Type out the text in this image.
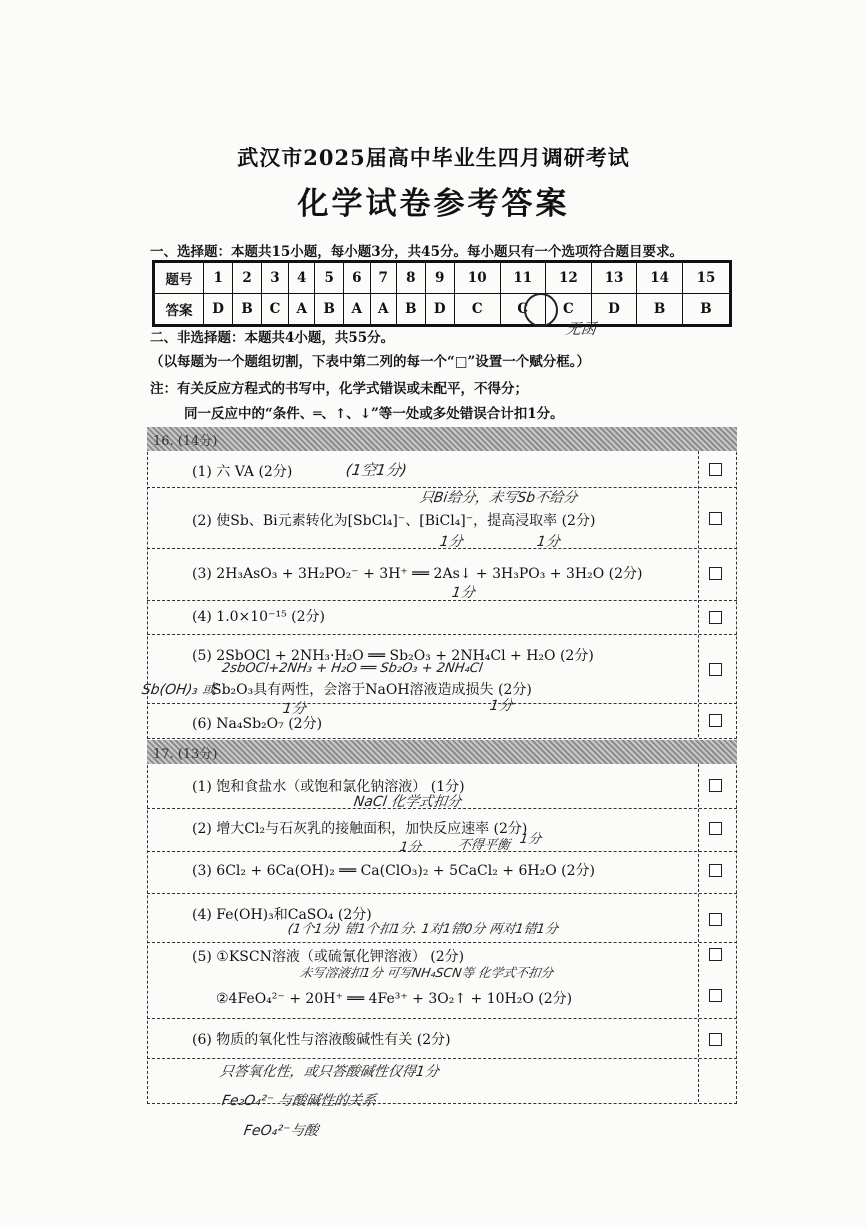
武汉市2025届高中毕业生四月调研考试
化学试卷参考答案
一、选择题：本题共15小题，每小题3分，共45分。每小题只有一个选项符合题目要求。
题号	1	2	3	4	5	6	7	8	9	10	11	12	13	14	15
答案	D	B	C	A	B	A	A	B	D	C	C	C	D	B	B
无函
二、非选择题：本题共4小题，共55分。
（以每题为一个题组切割，下表中第二列的每一个“□”设置一个赋分框。）
注：有关反应方程式的书写中，化学式错误或未配平，不得分；
同一反应中的“条件、═、↑、↓”等一处或多处错误合计扣1分。
16. (14分)
(1) 六 VA (2分)	(1空1分)
只Bi给分，未写Sb不给分
(2) 使Sb、Bi元素转化为[SbCl₄]⁻、[BiCl₄]⁻，提高浸取率 (2分)
1分	1分
(3) 2H₃AsO₃ + 3H₂PO₂⁻ + 3H⁺ ══ 2As↓ + 3H₃PO₃ + 3H₂O (2分)
1分
(4) 1.0×10⁻¹⁵ (2分)
(5) 2SbOCl + 2NH₃·H₂O ══ Sb₂O₃ + 2NH₄Cl + H₂O (2分)
2sbOCl+2NH₃ + H₂O ══ Sb₂O₃ + 2NH₄Cl
Sb(OH)₃ 或
Sb₂O₃具有两性，会溶于NaOH溶液造成损失 (2分)
1分	1分
(6) Na₄Sb₂O₇ (2分)
17. (13分)
(1) 饱和食盐水（或饱和氯化钠溶液） (1分)
NaCl 化学式扣分
(2) 增大Cl₂与石灰乳的接触面积，加快反应速率 (2分)
1分	不得平衡 1分
(3) 6Cl₂ + 6Ca(OH)₂ ══ Ca(ClO₃)₂ + 5CaCl₂ + 6H₂O (2分)
(4) Fe(OH)₃和CaSO₄ (2分)
(1个1分) 错1个扣1分. 1对1错0分 两对1错1分
(5) ①KSCN溶液（或硫氰化钾溶液） (2分)
未写溶液扣1分 可写NH₄SCN等 化学式不扣分
②4FeO₄²⁻ + 20H⁺ ══ 4Fe³⁺ + 3O₂↑ + 10H₂O (2分)
(6) 物质的氧化性与溶液酸碱性有关 (2分)
只答氧化性，或只答酸碱性仅得1分
Fe₂O₄²⁻ 与酸碱性的关系
FeO₄²⁻与酸
